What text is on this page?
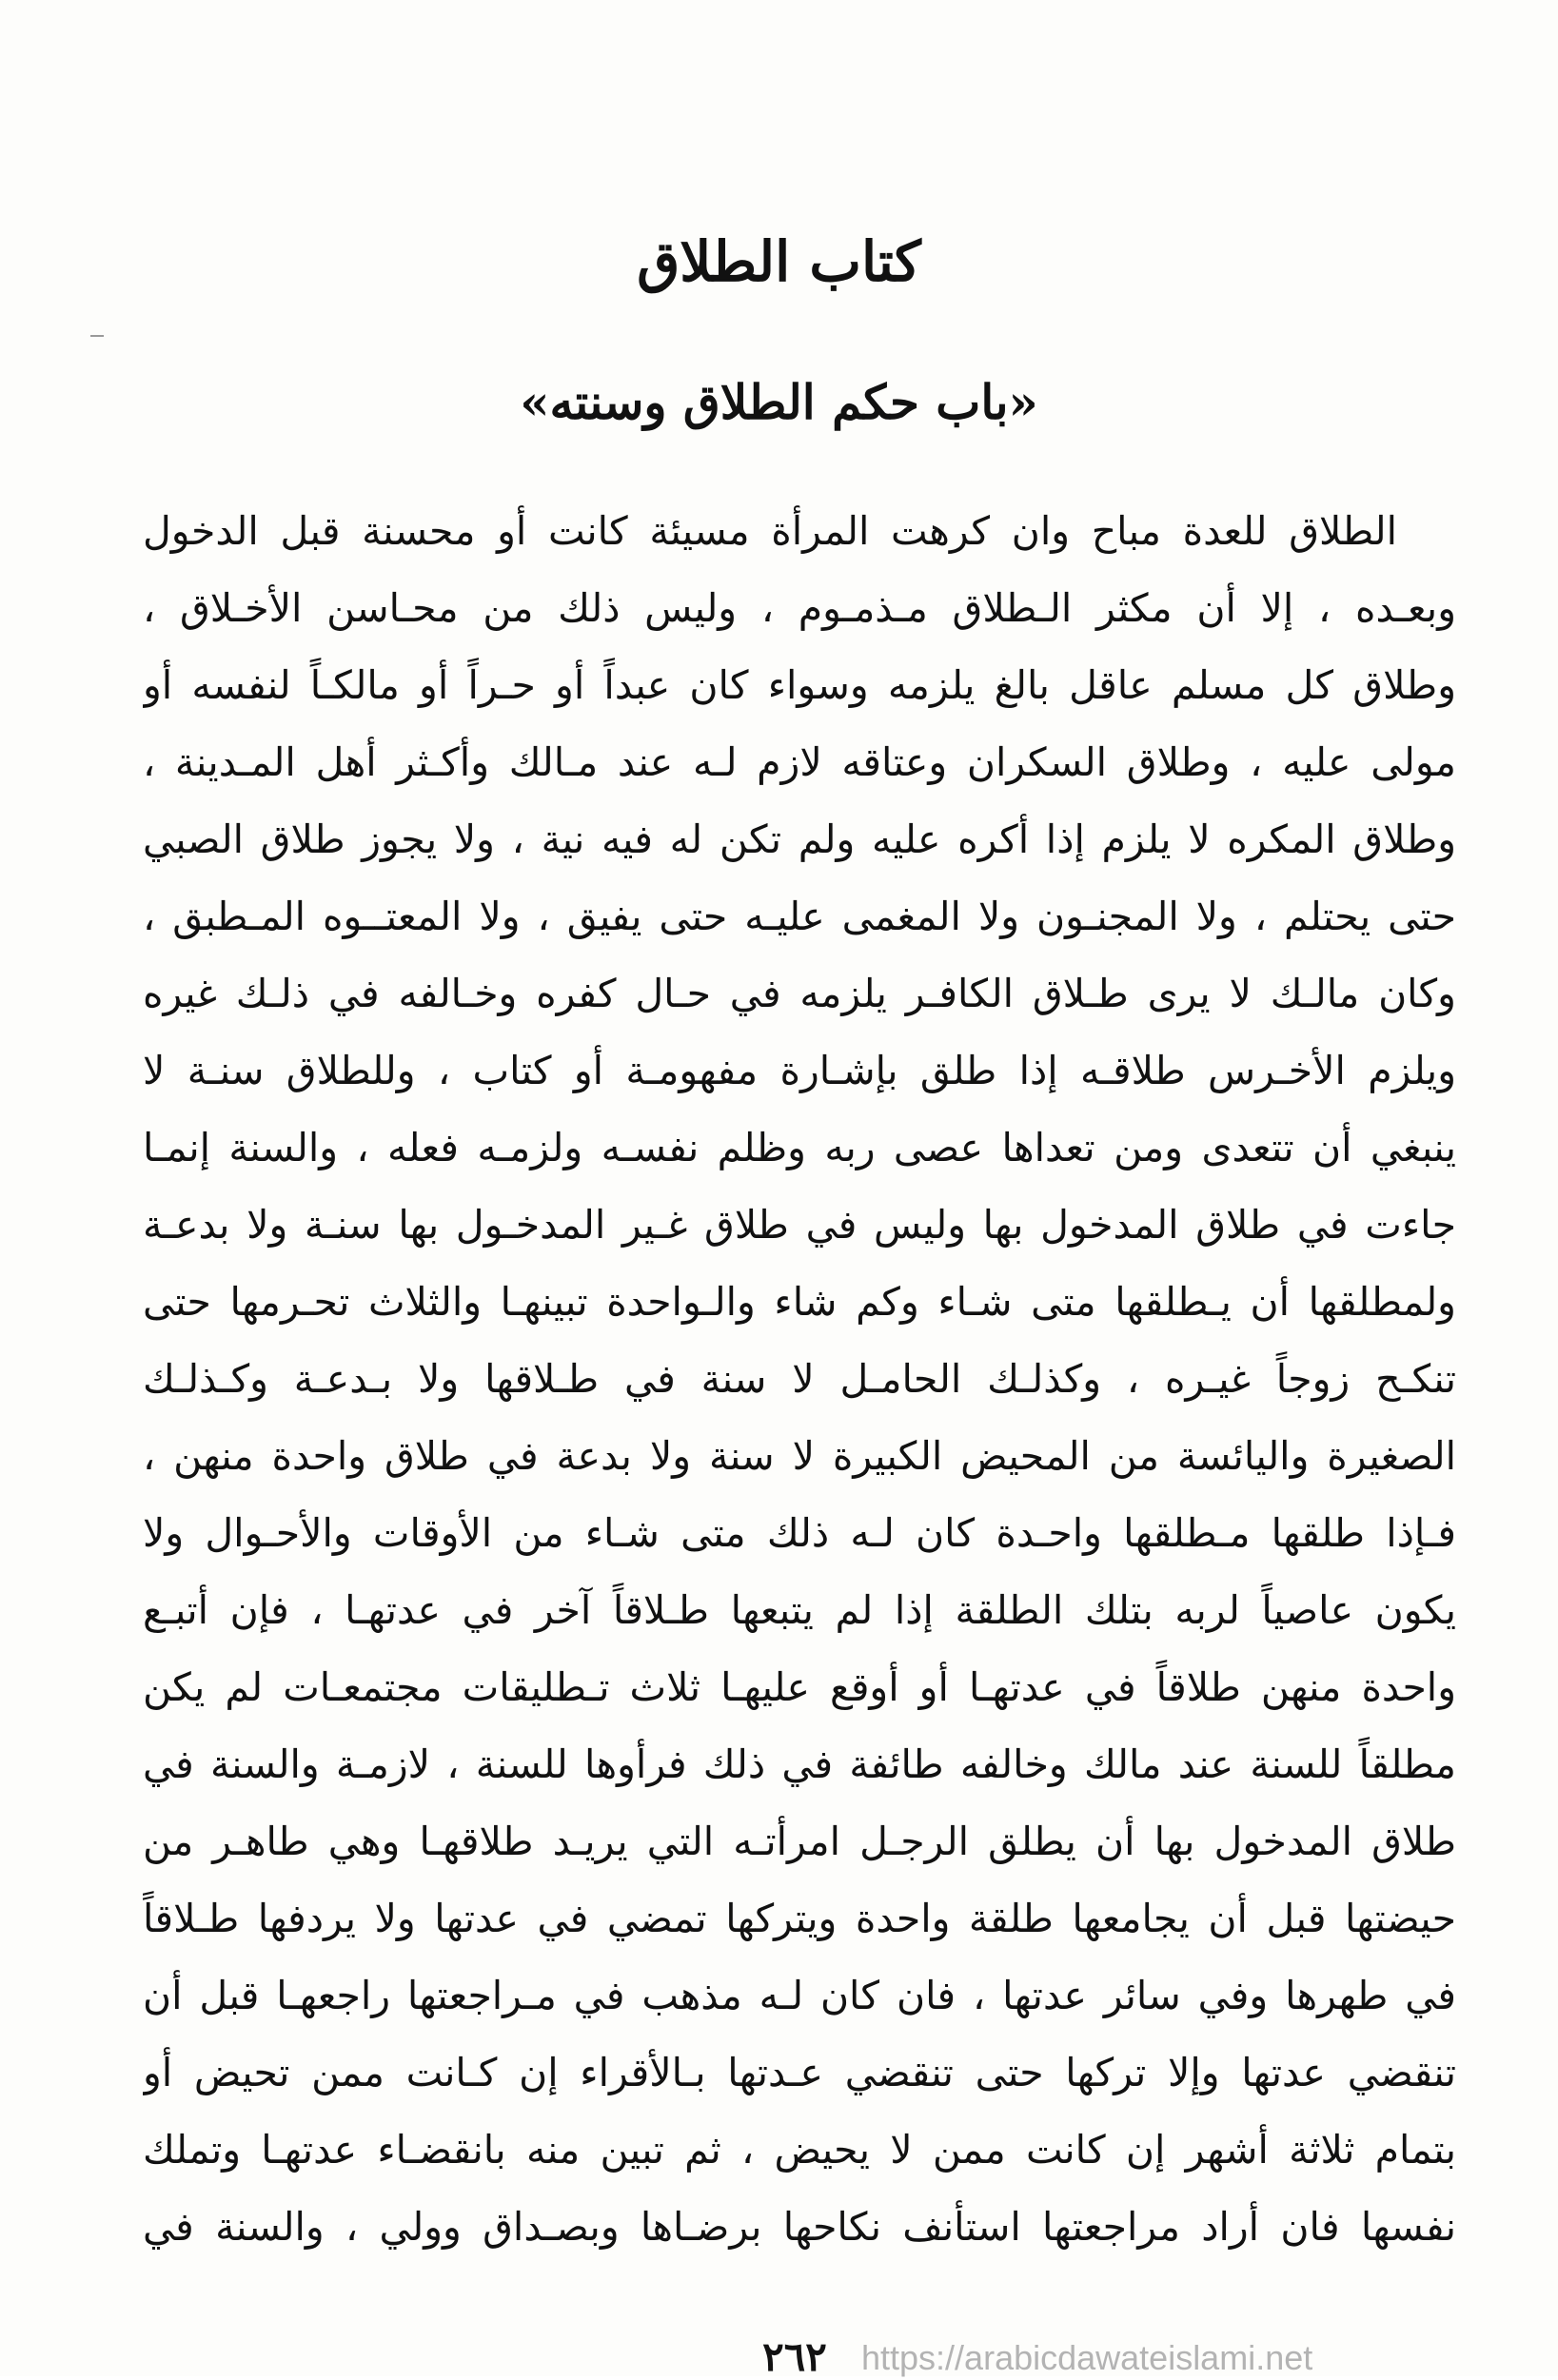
كتاب الطلاق
«باب حكم الطلاق وسنته»
الطلاق للعدة مباح وان كرهت المرأة مسيئة كانت أو محسنة قبل الدخول
وبعـده ، إلا أن مكثر الـطلاق مـذمـوم ، وليس ذلك من محـاسن الأخـلاق ،
وطلاق كل مسلم عاقل بالغ يلزمه وسواء كان عبداً أو حـراً أو مالكـاً لنفسه أو
مولى عليه ، وطلاق السكران وعتاقه لازم لـه عند مـالك وأكـثر أهل المـدينة ،
وطلاق المكره لا يلزم إذا أكره عليه ولم تكن له فيه نية ، ولا يجوز طلاق الصبي
حتى يحتلم ، ولا المجنـون ولا المغمى عليـه حتى يفيق ، ولا المعتــوه المـطبق ،
وكان مالـك لا يرى طـلاق الكافـر يلزمه في حـال كفره وخـالفه في ذلـك غيره
ويلزم الأخـرس طلاقـه إذا طلق بإشـارة مفهومـة أو كتاب ، وللطلاق سنـة لا
ينبغي أن تتعدى ومن تعداها عصى ربه وظلم نفسـه ولزمـه فعله ، والسنة إنمـا
جاءت في طلاق المدخول بها وليس في طلاق غـير المدخـول بها سنـة ولا بدعـة
ولمطلقها أن يـطلقها متى شـاء وكم شاء والـواحدة تبينهـا والثلاث تحـرمها حتى
تنكـح زوجاً غيـره ، وكذلـك الحامـل لا سنة في طـلاقها ولا بـدعـة وكـذلـك
الصغيرة واليائسة من المحيض الكبيرة لا سنة ولا بدعة في طلاق واحدة منهن ،
فـإذا طلقها مـطلقها واحـدة كان لـه ذلك متى شـاء من الأوقات والأحـوال ولا
يكون عاصياً لربه بتلك الطلقة إذا لم يتبعها طـلاقاً آخر في عدتهـا ، فإن أتبـع
واحدة منهن طلاقاً في عدتهـا أو أوقع عليهـا ثلاث تـطليقات مجتمعـات لم يكن
مطلقاً للسنة عند مالك وخالفه طائفة في ذلك فرأوها للسنة ، لازمـة والسنة في
طلاق المدخول بها أن يطلق الرجـل امرأتـه التي يريـد طلاقهـا وهي طاهـر من
حيضتها قبل أن يجامعها طلقة واحدة ويتركها تمضي في عدتها ولا يردفها طـلاقاً
في طهرها وفي سائر عدتها ، فان كان لـه مذهب في مـراجعتها راجعهـا قبل أن
تنقضي عدتها وإلا تركها حتى تنقضي عـدتها بـالأقراء إن كـانت ممن تحيض أو
بتمام ثلاثة أشهر إن كانت ممن لا يحيض ، ثم تبين منه بانقضـاء عدتهـا وتملك
نفسها فان أراد مراجعتها استأنف نكاحها برضـاها وبصـداق وولي ، والسنة في
٢٦٢	https://arabicdawateislami.net
